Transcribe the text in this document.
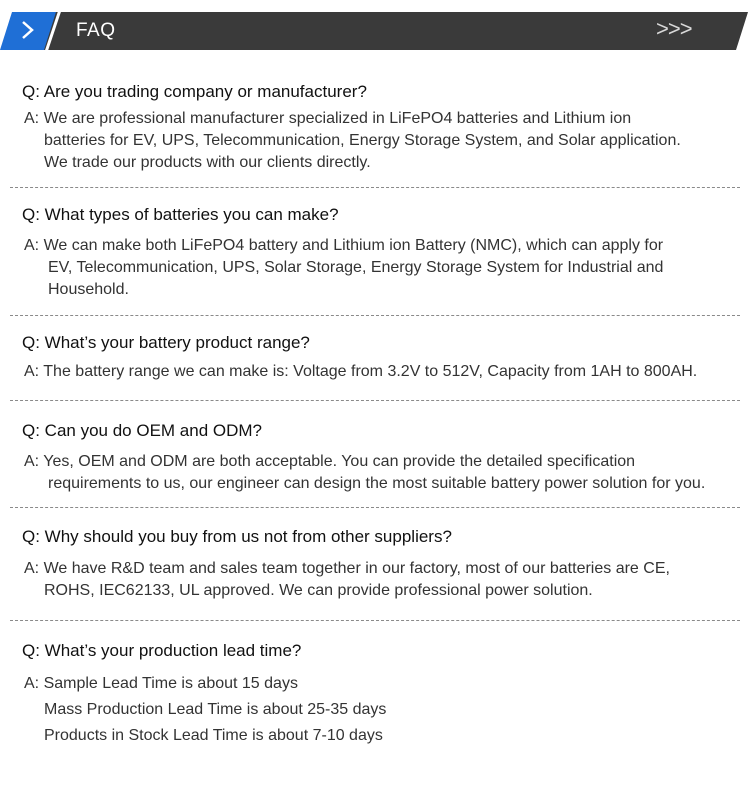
FAQ	>>>
Q: Are you trading company or manufacturer?
A: We are professional manufacturer specialized in LiFePO4 batteries and Lithium ion
batteries for EV, UPS, Telecommunication, Energy Storage System, and Solar application.
We trade our products with our clients directly.
Q: What types of batteries you can make?
A: We can make both LiFePO4 battery and Lithium ion Battery (NMC), which can apply for
EV, Telecommunication, UPS, Solar Storage, Energy Storage System for Industrial and
Household.
Q: What’s your battery product range?
A: The battery range we can make is: Voltage from 3.2V to 512V, Capacity from 1AH to 800AH.
Q: Can you do OEM and ODM?
A: Yes, OEM and ODM are both acceptable. You can provide the detailed specification
requirements to us, our engineer can design the most suitable battery power solution for you.
Q: Why should you buy from us not from other suppliers?
A: We have R&D team and sales team together in our factory, most of our batteries are CE,
ROHS, IEC62133, UL approved. We can provide professional power solution.
Q: What’s your production lead time?
A: Sample Lead Time is about 15 days
Mass Production Lead Time is about 25-35 days
Products in Stock Lead Time is about 7-10 days
